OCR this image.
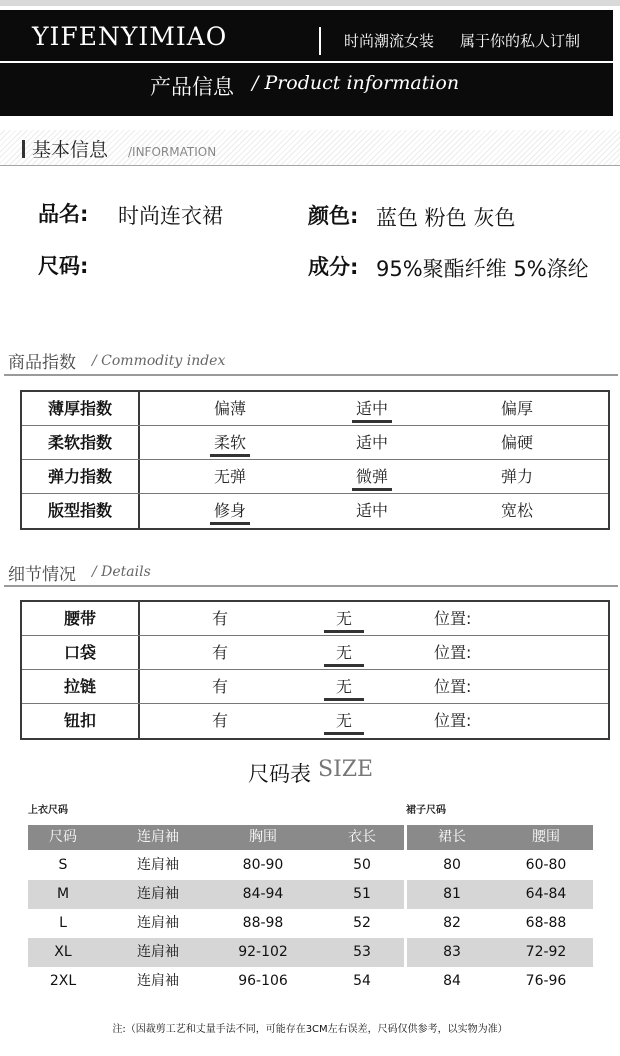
YIFENYIMIAO	时尚潮流女装 属于你的私人订制
产品信息 / Product information
基本信息 /INFORMATION
品名: 时尚连衣裙
尺码:
颜色: 蓝色 粉色 灰色
成分: 95%聚酯纤维 5%涤纶
商品指数 / Commodity index
薄厚指数	偏薄	适中	偏厚
柔软指数	柔软	适中	偏硬
弹力指数	无弹	微弹	弹力
版型指数	修身	适中	宽松
细节情况 / Details
腰带	有	无	位置:
口袋	有	无	位置:
拉链	有	无	位置:
钮扣	有	无	位置:
尺码表 SIZE
上衣尺码	裙子尺码
尺码	连肩袖	胸围	衣长	裙长	腰围
S	连肩袖	80-90	50	80	60-80
M	连肩袖	84-94	51	81	64-84
L	连肩袖	88-98	52	82	68-88
XL	连肩袖	92-102	53	83	72-92
2XL	连肩袖	96-106	54	84	76-96
注:（因裁剪工艺和丈量手法不同，可能存在3CM左右误差，尺码仅供参考，以实物为准）
